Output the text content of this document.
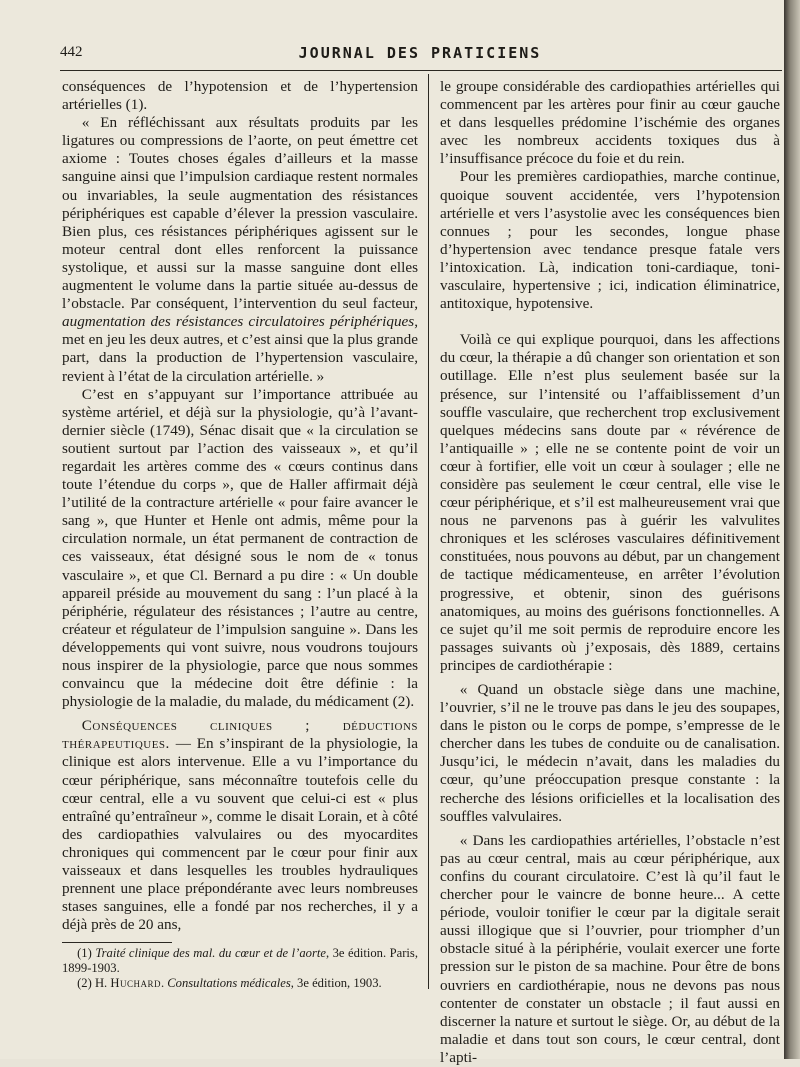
442	JOURNAL DES PRATICIENS

conséquences de l’hypotension et de l’hypertension artérielles (1).

« En réfléchissant aux résultats produits par les ligatures ou compressions de l’aorte, on peut émettre cet axiome : Toutes choses égales d’ailleurs et la masse sanguine ainsi que l’impulsion cardiaque restent normales ou invariables, la seule augmentation des résistances périphériques est capable d’élever la pression vasculaire. Bien plus, ces résistances périphériques agissent sur le moteur central dont elles renforcent la puissance systolique, et aussi sur la masse sanguine dont elles augmentent le volume dans la partie située au-dessus de l’obstacle. Par conséquent, l’intervention du seul facteur, augmentation des résistances circulatoires périphériques, met en jeu les deux autres, et c’est ainsi que la plus grande part, dans la production de l’hypertension vasculaire, revient à l’état de la circulation artérielle. »

C’est en s’appuyant sur l’importance attribuée au système artériel, et déjà sur la physiologie, qu’à l’avant-dernier siècle (1749), Sénac disait que « la circulation se soutient surtout par l’action des vaisseaux », et qu’il regardait les artères comme des « cœurs continus dans toute l’étendue du corps », que de Haller affirmait déjà l’utilité de la contracture artérielle « pour faire avancer le sang », que Hunter et Henle ont admis, même pour la circulation normale, un état permanent de contraction de ces vaisseaux, état désigné sous le nom de « tonus vasculaire », et que Cl. Bernard a pu dire : « Un double appareil préside au mouvement du sang : l’un placé à la périphérie, régulateur des résistances ; l’autre au centre, créateur et régulateur de l’impulsion sanguine ». Dans les développements qui vont suivre, nous voudrons toujours nous inspirer de la physiologie, parce que nous sommes convaincu que la médecine doit être définie : la physiologie de la maladie, du malade, du médicament (2).

Conséquences cliniques ; déductions thérapeutiques. — En s’inspirant de la physiologie, la clinique est alors intervenue. Elle a vu l’importance du cœur périphérique, sans méconnaître toutefois celle du cœur central, elle a vu souvent que celui-ci est « plus entraîné qu’entraîneur », comme le disait Lorain, et à côté des cardiopathies valvulaires ou des myocardites chroniques qui commencent par le cœur pour finir aux vaisseaux et dans lesquelles les troubles hydrauliques prennent une place prépondérante avec leurs nombreuses stases sanguines, elle a fondé par nos recherches, il y a déjà près de 20 ans,

(1) Traité clinique des mal. du cœur et de l’aorte, 3e édition. Paris, 1899-1903.

(2) H. Huchard. Consultations médicales, 3e édition, 1903.

le groupe considérable des cardiopathies artérielles qui commencent par les artères pour finir au cœur gauche et dans lesquelles prédomine l’ischémie des organes avec les nombreux accidents toxiques dus à l’insuffisance précoce du foie et du rein.

Pour les premières cardiopathies, marche continue, quoique souvent accidentée, vers l’hypotension artérielle et vers l’asystolie avec les conséquences bien connues ; pour les secondes, longue phase d’hypertension avec tendance presque fatale vers l’intoxication. Là, indication toni-cardiaque, toni-vasculaire, hypertensive ; ici, indication éliminatrice, antitoxique, hypotensive.

Voilà ce qui explique pourquoi, dans les affections du cœur, la thérapie a dû changer son orientation et son outillage. Elle n’est plus seulement basée sur la présence, sur l’intensité ou l’affaiblissement d’un souffle vasculaire, que recherchent trop exclusivement quelques médecins sans doute par « révérence de l’antiquaille » ; elle ne se contente point de voir un cœur à fortifier, elle voit un cœur à soulager ; elle ne considère pas seulement le cœur central, elle vise le cœur périphérique, et s’il est malheureusement vrai que nous ne parvenons pas à guérir les valvulites chroniques et les scléroses vasculaires définitivement constituées, nous pouvons au début, par un changement de tactique médicamenteuse, en arrêter l’évolution progressive, et obtenir, sinon des guérisons anatomiques, au moins des guérisons fonctionnelles. A ce sujet qu’il me soit permis de reproduire encore les passages suivants où j’exposais, dès 1889, certains principes de cardiothérapie :

« Quand un obstacle siège dans une machine, l’ouvrier, s’il ne le trouve pas dans le jeu des soupapes, dans le piston ou le corps de pompe, s’empresse de le chercher dans les tubes de conduite ou de canalisation. Jusqu’ici, le médecin n’avait, dans les maladies du cœur, qu’une préoccupation presque constante : la recherche des lésions orificielles et la localisation des souffles valvulaires.

« Dans les cardiopathies artérielles, l’obstacle n’est pas au cœur central, mais au cœur périphérique, aux confins du courant circulatoire. C’est là qu’il faut le chercher pour le vaincre de bonne heure... A cette période, vouloir tonifier le cœur par la digitale serait aussi illogique que si l’ouvrier, pour triompher d’un obstacle situé à la périphérie, voulait exercer une forte pression sur le piston de sa machine. Pour être de bons ouvriers en cardiothérapie, nous ne devons pas nous contenter de constater un obstacle ; il faut aussi en discerner la nature et surtout le siège. Or, au début de la maladie et dans tout son cours, le cœur central, dont l’apti-
